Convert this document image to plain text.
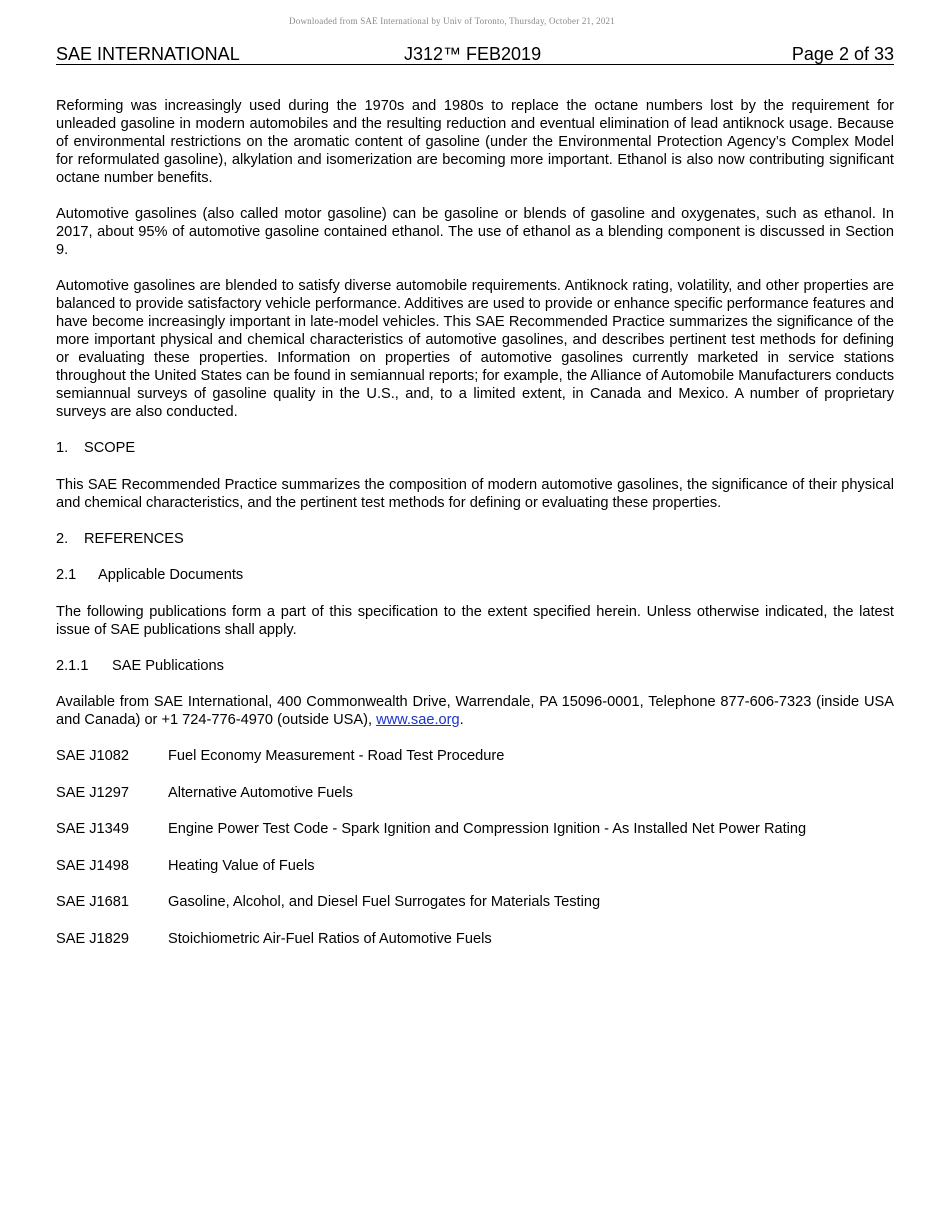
Downloaded from SAE International by Univ of Toronto, Thursday, October 21, 2021
SAE INTERNATIONAL	J312™ FEB2019	Page 2 of 33

Reforming was increasingly used during the 1970s and 1980s to replace the octane numbers lost by the requirement for unleaded gasoline in modern automobiles and the resulting reduction and eventual elimination of lead antiknock usage. Because of environmental restrictions on the aromatic content of gasoline (under the Environmental Protection Agency’s Complex Model for reformulated gasoline), alkylation and isomerization are becoming more important. Ethanol is also now contributing significant octane number benefits.

Automotive gasolines (also called motor gasoline) can be gasoline or blends of gasoline and oxygenates, such as ethanol. In 2017, about 95% of automotive gasoline contained ethanol. The use of ethanol as a blending component is discussed in Section 9.

Automotive gasolines are blended to satisfy diverse automobile requirements. Antiknock rating, volatility, and other properties are balanced to provide satisfactory vehicle performance. Additives are used to provide or enhance specific performance features and have become increasingly important in late-model vehicles. This SAE Recommended Practice summarizes the significance of the more important physical and chemical characteristics of automotive gasolines, and describes pertinent test methods for defining or evaluating these properties. Information on properties of automotive gasolines currently marketed in service stations throughout the United States can be found in semiannual reports; for example, the Alliance of Automobile Manufacturers conducts semiannual surveys of gasoline quality in the U.S., and, to a limited extent, in Canada and Mexico. A number of proprietary surveys are also conducted.

1. SCOPE

This SAE Recommended Practice summarizes the composition of modern automotive gasolines, the significance of their physical and chemical characteristics, and the pertinent test methods for defining or evaluating these properties.

2. REFERENCES
2.1 Applicable Documents

The following publications form a part of this specification to the extent specified herein. Unless otherwise indicated, the latest issue of SAE publications shall apply.

2.1.1 SAE Publications

Available from SAE International, 400 Commonwealth Drive, Warrendale, PA 15096-0001, Telephone 877-606-7323 (inside USA and Canada) or +1 724-776-4970 (outside USA), www.sae.org.

SAE J1082	Fuel Economy Measurement - Road Test Procedure
SAE J1297	Alternative Automotive Fuels
SAE J1349	Engine Power Test Code - Spark Ignition and Compression Ignition - As Installed Net Power Rating
SAE J1498	Heating Value of Fuels
SAE J1681	Gasoline, Alcohol, and Diesel Fuel Surrogates for Materials Testing
SAE J1829	Stoichiometric Air-Fuel Ratios of Automotive Fuels
